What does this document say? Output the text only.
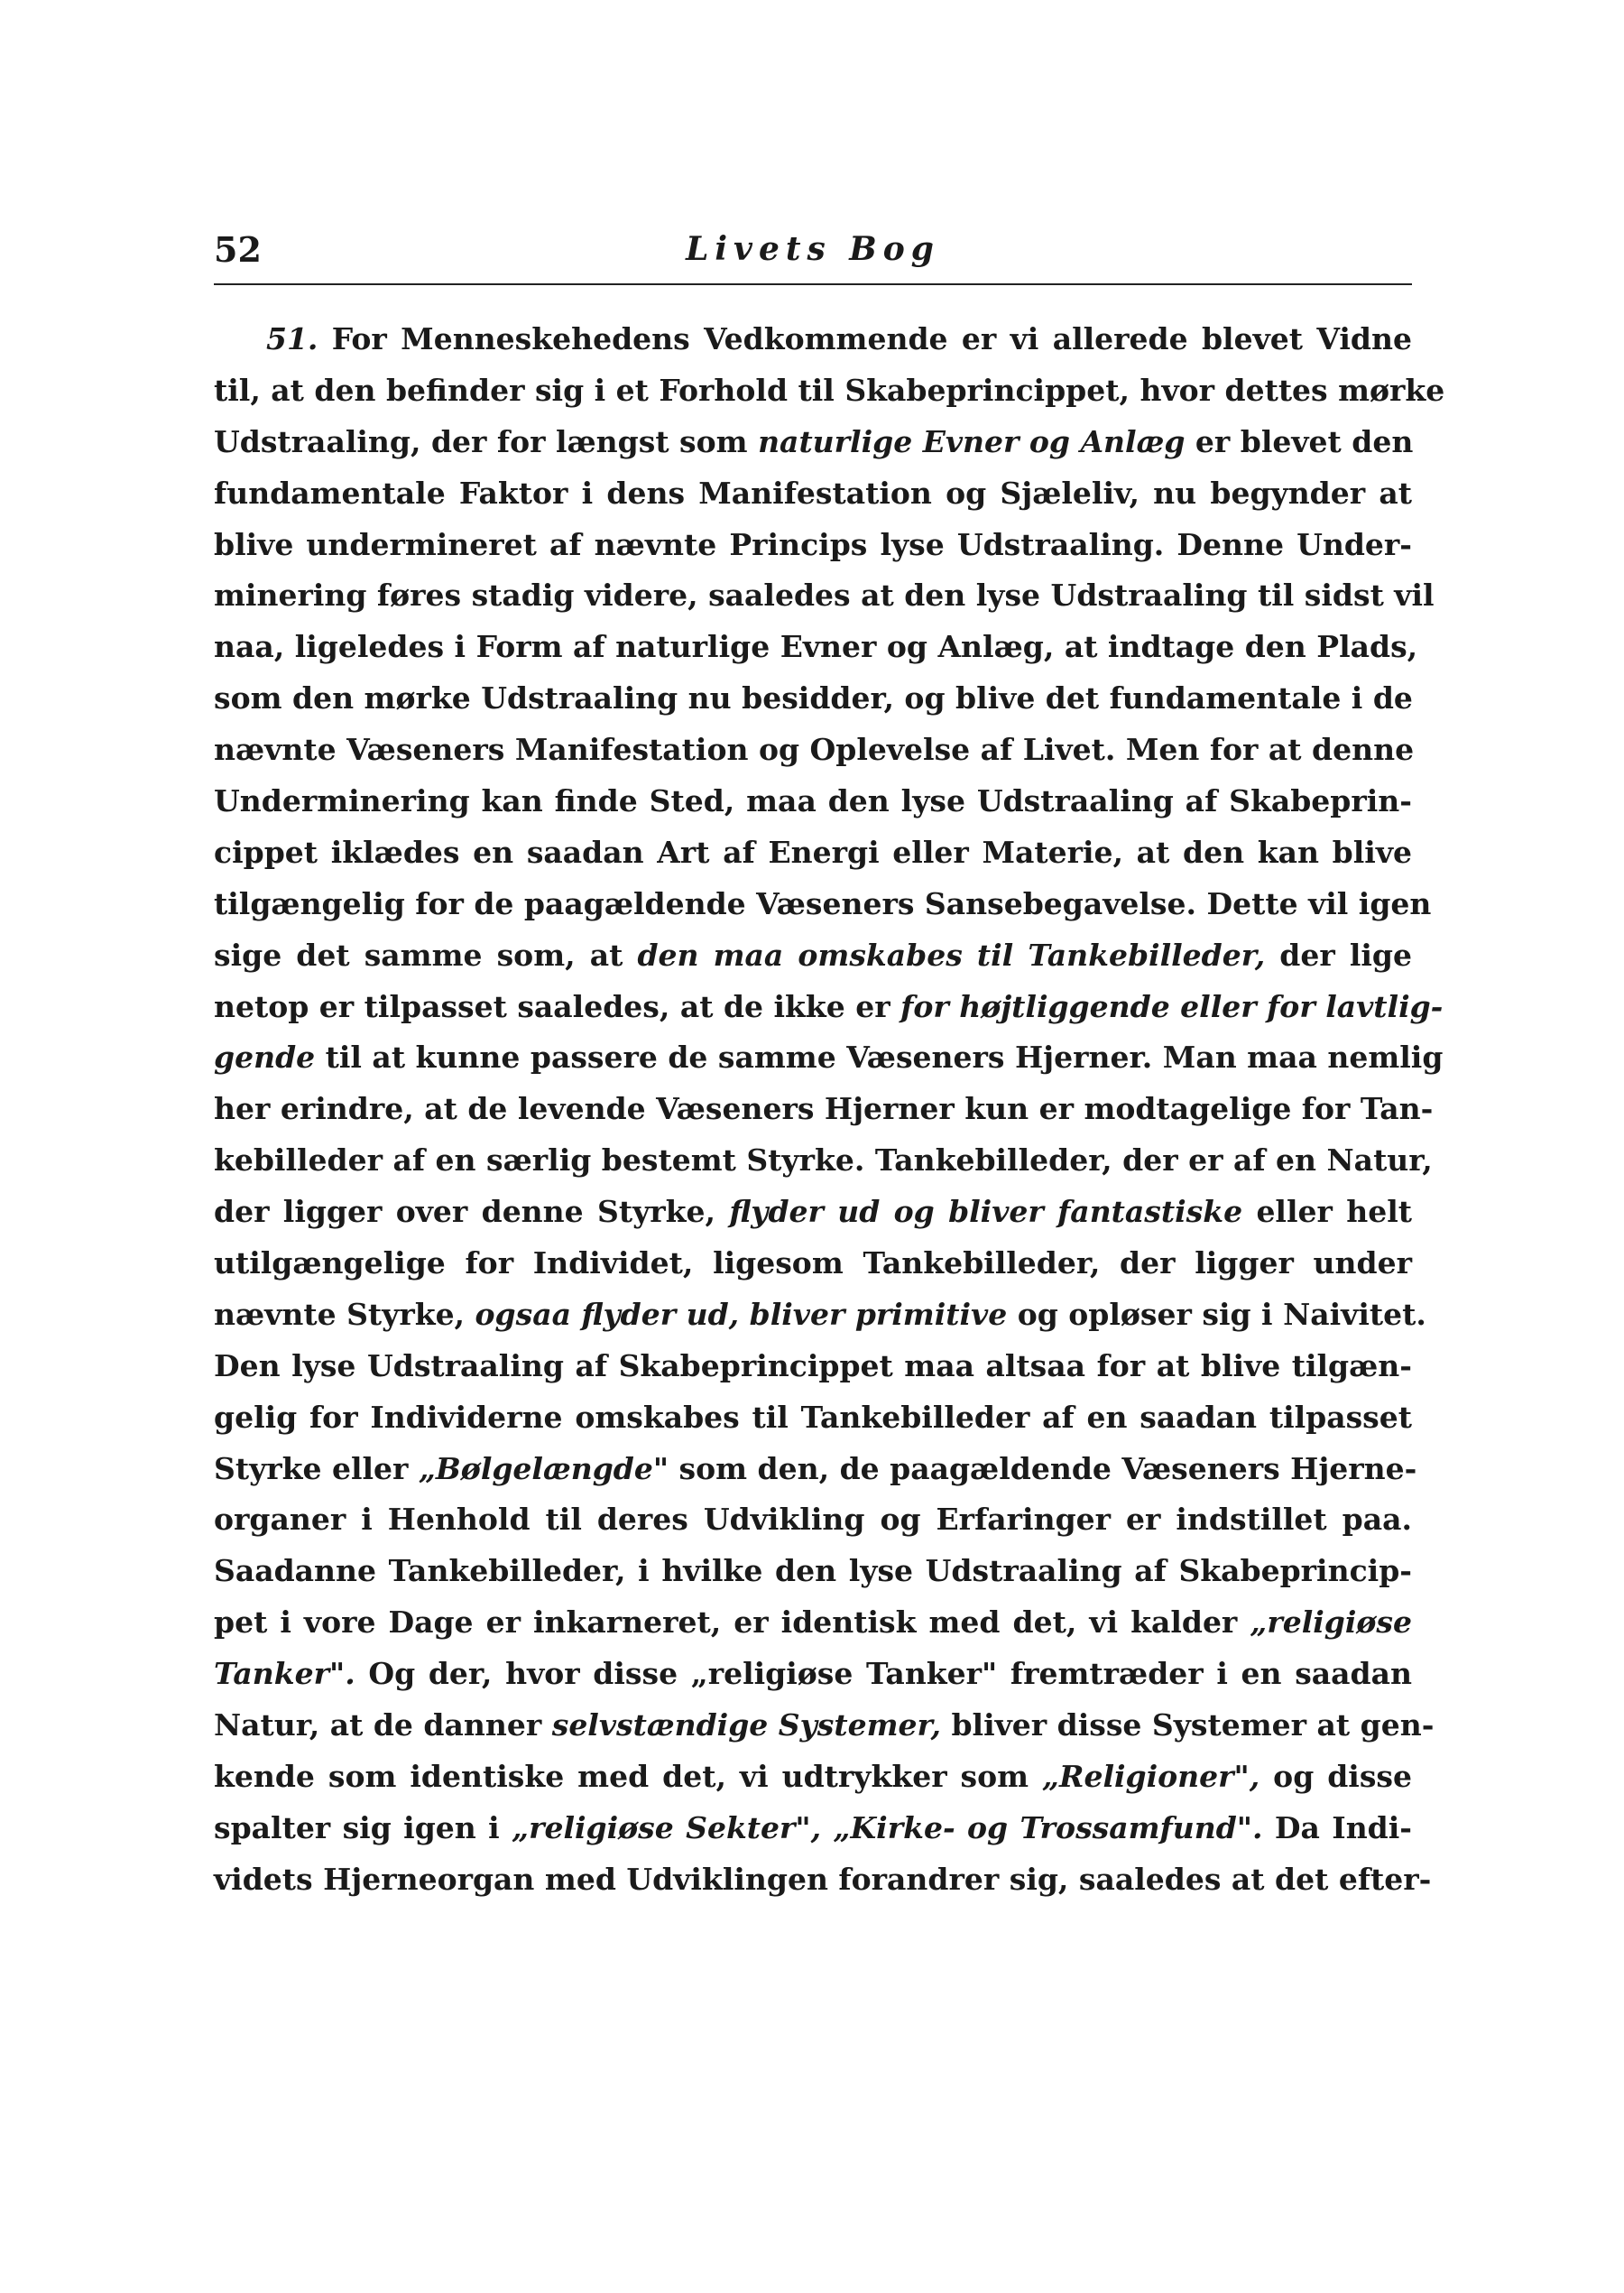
52	Livets Bog
51. For Menneskehedens Vedkommende er vi allerede blevet Vidne
til, at den befinder sig i et Forhold til Skabeprincippet, hvor dettes mørke
Udstraaling, der for længst som naturlige Evner og Anlæg er blevet den
fundamentale Faktor i dens Manifestation og Sjæleliv, nu begynder at
blive undermineret af nævnte Princips lyse Udstraaling. Denne Under-
minering føres stadig videre, saaledes at den lyse Udstraaling til sidst vil
naa, ligeledes i Form af naturlige Evner og Anlæg, at indtage den Plads,
som den mørke Udstraaling nu besidder, og blive det fundamentale i de
nævnte Væseners Manifestation og Oplevelse af Livet. Men for at denne
Underminering kan finde Sted, maa den lyse Udstraaling af Skabeprin-
cippet iklædes en saadan Art af Energi eller Materie, at den kan blive
tilgængelig for de paagældende Væseners Sansebegavelse. Dette vil igen
sige det samme som, at den maa omskabes til Tankebilleder, der lige
netop er tilpasset saaledes, at de ikke er for højtliggende eller for lavtlig-
gende til at kunne passere de samme Væseners Hjerner. Man maa nemlig
her erindre, at de levende Væseners Hjerner kun er modtagelige for Tan-
kebilleder af en særlig bestemt Styrke. Tankebilleder, der er af en Natur,
der ligger over denne Styrke, flyder ud og bliver fantastiske eller helt
utilgængelige for Individet, ligesom Tankebilleder, der ligger under
nævnte Styrke, ogsaa flyder ud, bliver primitive og opløser sig i Naivitet.
Den lyse Udstraaling af Skabeprincippet maa altsaa for at blive tilgæn-
gelig for Individerne omskabes til Tankebilleder af en saadan tilpasset
Styrke eller „Bølgelængde" som den, de paagældende Væseners Hjerne-
organer i Henhold til deres Udvikling og Erfaringer er indstillet paa.
Saadanne Tankebilleder, i hvilke den lyse Udstraaling af Skabeprincip-
pet i vore Dage er inkarneret, er identisk med det, vi kalder „religiøse
Tanker". Og der, hvor disse „religiøse Tanker" fremtræder i en saadan
Natur, at de danner selvstændige Systemer, bliver disse Systemer at gen-
kende som identiske med det, vi udtrykker som „Religioner", og disse
spalter sig igen i „religiøse Sekter", „Kirke- og Trossamfund". Da Indi-
videts Hjerneorgan med Udviklingen forandrer sig, saaledes at det efter-
